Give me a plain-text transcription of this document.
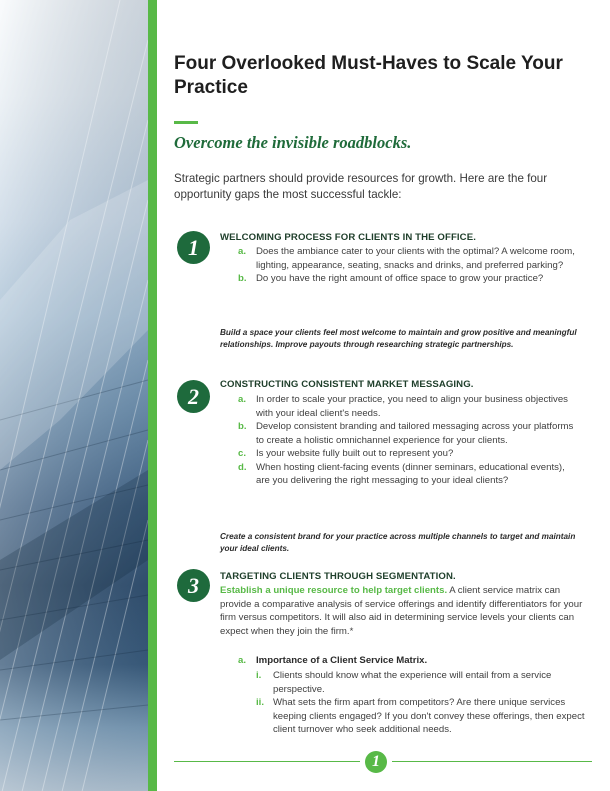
Four Overlooked Must-Haves to Scale Your Practice
Overcome the invisible roadblocks.

Strategic partners should provide resources for growth. Here are the four opportunity gaps the most successful tackle:

1	WELCOMING PROCESS FOR CLIENTS IN THE OFFICE.
a. Does the ambiance cater to your clients with the optimal? A welcome room, lighting, appearance, seating, snacks and drinks, and preferred parking?
b. Do you have the right amount of office space to grow your practice?

Build a space your clients feel most welcome to maintain and grow positive and meaningful relationships. Improve payouts through researching strategic partnerships.

2	CONSTRUCTING CONSISTENT MARKET MESSAGING.
a. In order to scale your practice, you need to align your business objectives with your ideal client's needs.
b. Develop consistent branding and tailored messaging across your platforms to create a holistic omnichannel experience for your clients.
c. Is your website fully built out to represent you?
d. When hosting client-facing events (dinner seminars, educational events), are you delivering the right messaging to your ideal clients?

Create a consistent brand for your practice across multiple channels to target and maintain your ideal clients.

3	TARGETING CLIENTS THROUGH SEGMENTATION.

Establish a unique resource to help target clients. A client service matrix can provide a comparative analysis of service offerings and identify differentiators for your firm versus competitors. It will also aid in determining service levels your clients can expect when they join the firm.*

a. Importance of a Client Service Matrix.
i. Clients should know what the experience will entail from a service perspective.
ii. What sets the firm apart from competitors? Are there unique services keeping clients engaged? If you don't convey these offerings, then expect client turnover who seek additional needs.
1
